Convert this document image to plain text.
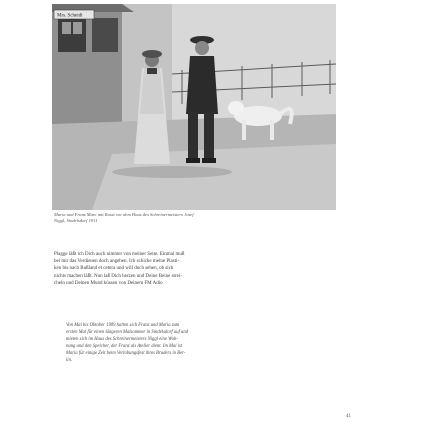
Mrs. Scheidt
Maria und Franz Marc mit Russi vor dem Haus des Schreinermeisters Josef
Niggl, Sindelsdorf 1911
Plagge läßt ich Dich auch nimmer von meiner Seite. Einmal muß
bei mir das Verdienen doch angehen. Ich schicke meine Plasti-
ken bis nach Rußland et cetera und will doch sehen, ob sich
nichts machen läßt. Nun laß Dich herzen und Deine Beine strei-
cheln und Deinen Mund küssen von Deinem FM Adio
Von Mai bis Oktober 1909 halten sich Franz und Maria zum
ersten Mal für einen längeren Malsommer in Sindelsdorf auf und
mieten sich im Haus des Schreinermeisters Niggl eine Woh-
nung und den Speicher, der Franz als Atelier dient. Im Mai ist
Maria für einige Zeit beim Verlobungsfest ihres Bruders in Ber-
lin.
41
